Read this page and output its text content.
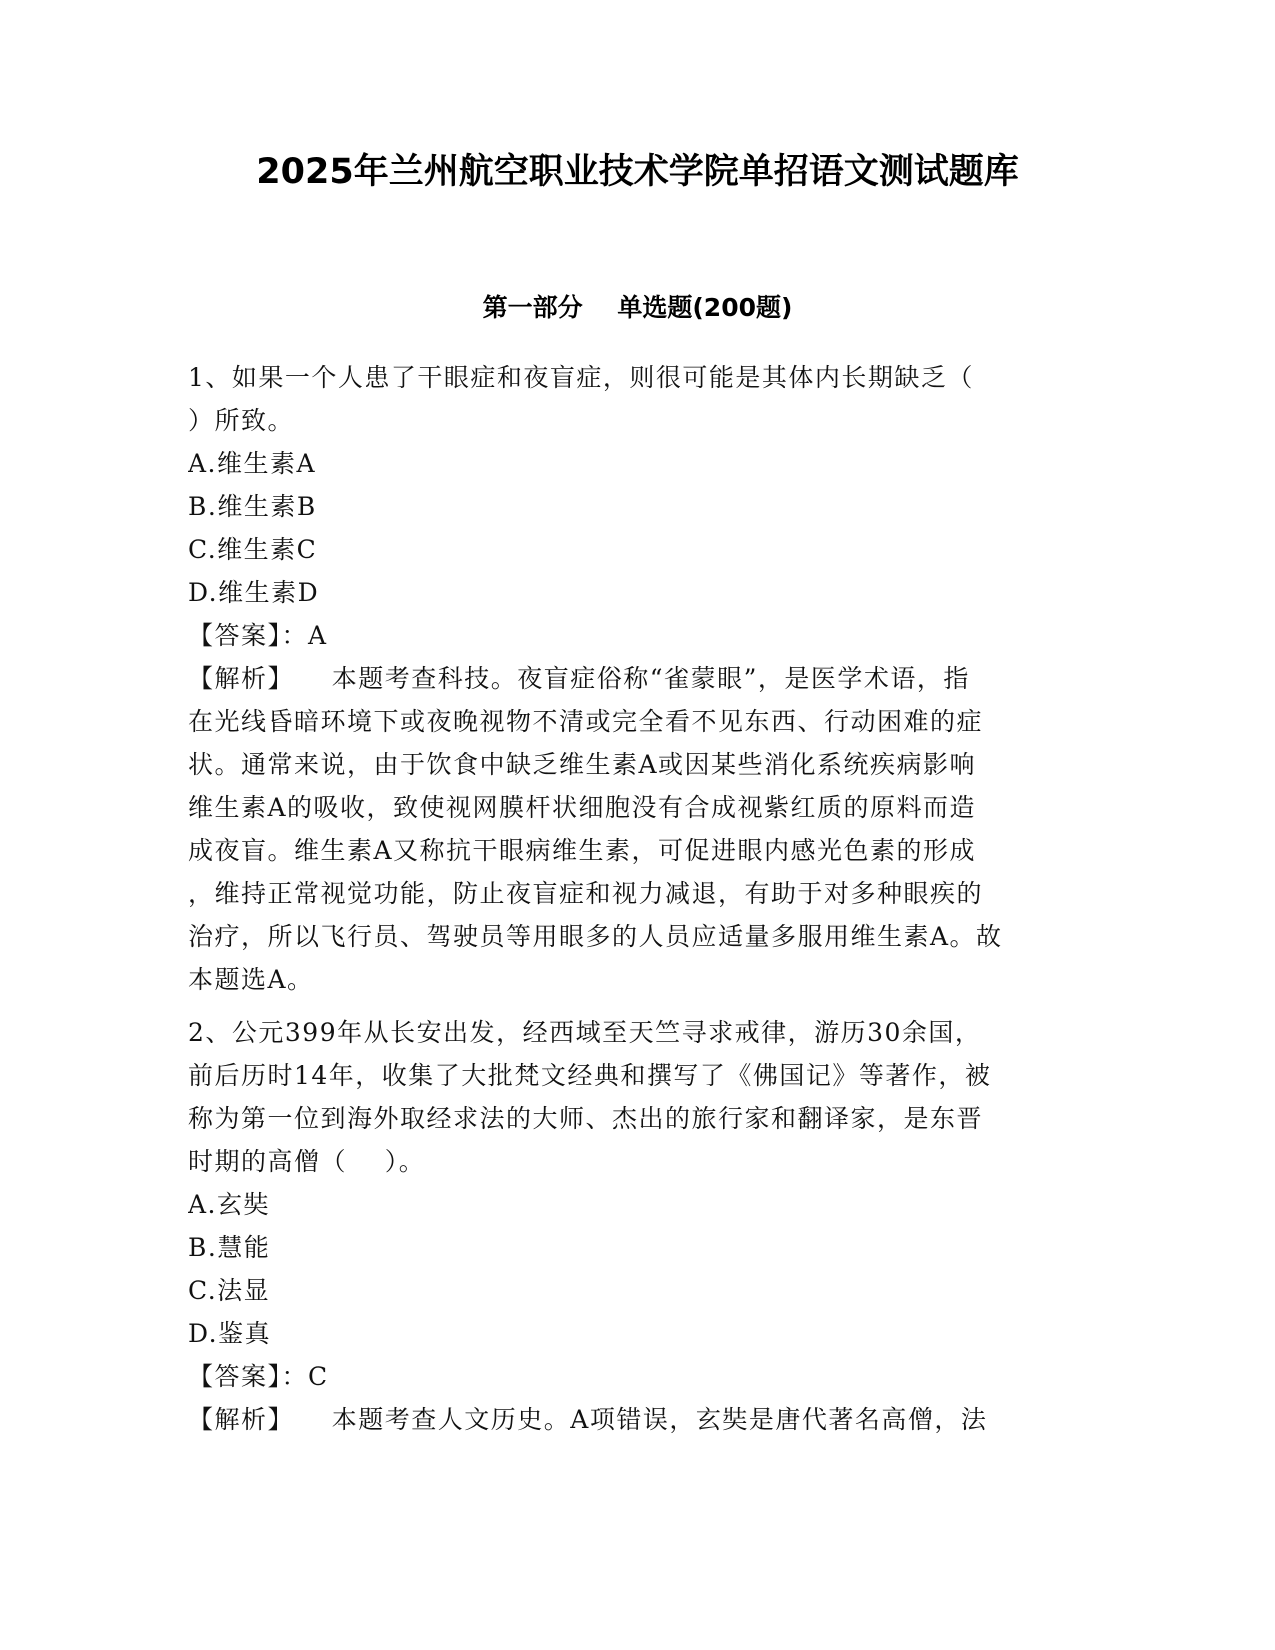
2025年兰州航空职业技术学院单招语文测试题库
第一部分    单选题(200题)
1、如果一个人患了干眼症和夜盲症，则很可能是其体内长期缺乏（
）所致。
A.维生素A
B.维生素B
C.维生素C
D.维生素D
【答案】：A
【解析】    本题考查科技。夜盲症俗称“雀蒙眼”，是医学术语，指
在光线昏暗环境下或夜晚视物不清或完全看不见东西、行动困难的症
状。通常来说，由于饮食中缺乏维生素A或因某些消化系统疾病影响
维生素A的吸收，致使视网膜杆状细胞没有合成视紫红质的原料而造
成夜盲。维生素A又称抗干眼病维生素，可促进眼内感光色素的形成
，维持正常视觉功能，防止夜盲症和视力减退，有助于对多种眼疾的
治疗，所以飞行员、驾驶员等用眼多的人员应适量多服用维生素A。故
本题选A。
2、公元399年从长安出发，经西域至天竺寻求戒律，游历30余国，
前后历时14年，收集了大批梵文经典和撰写了《佛国记》等著作，被
称为第一位到海外取经求法的大师、杰出的旅行家和翻译家，是东晋
时期的高僧（    ）。
A.玄奘
B.慧能
C.法显
D.鉴真
【答案】：C
【解析】    本题考查人文历史。A项错误，玄奘是唐代著名高僧，法
